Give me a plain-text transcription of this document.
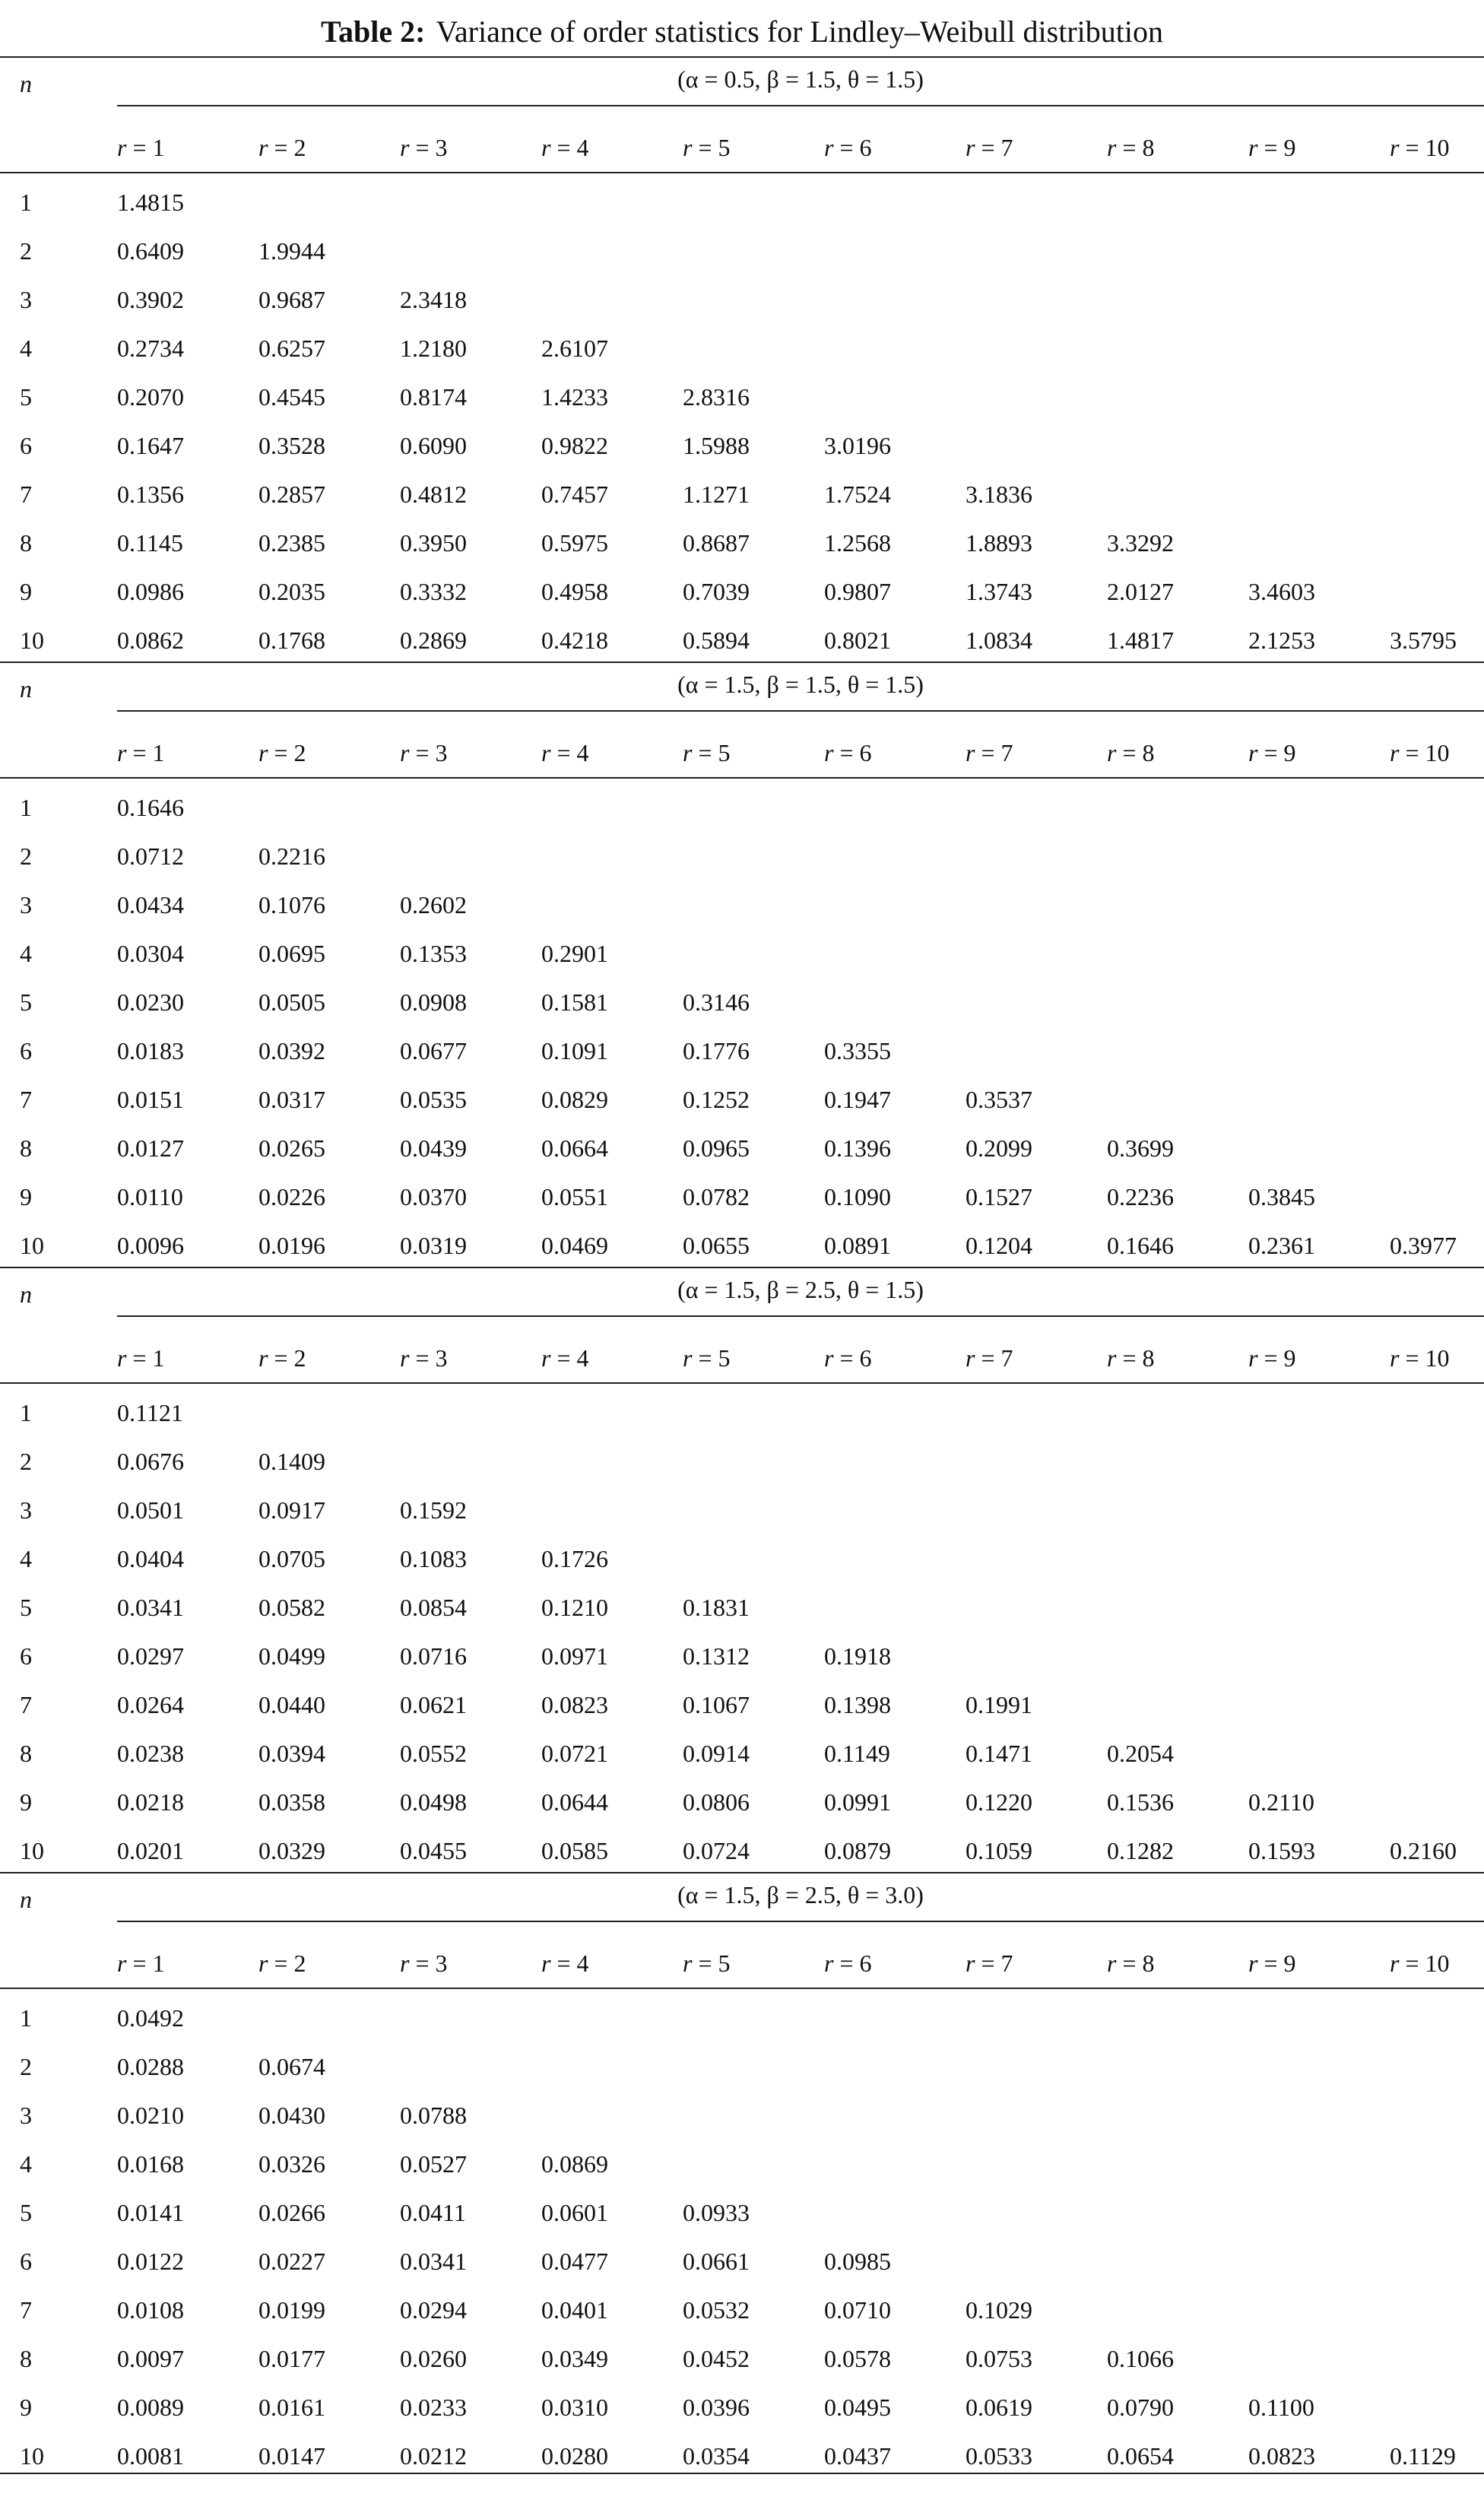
Table 2: Variance of order statistics for Lindley–Weibull distribution
n	(α = 0.5, β = 1.5, θ = 1.5)
r = 1	r = 2	r = 3	r = 4	r = 5	r = 6	r = 7	r = 8	r = 9	r = 10
1	1.4815
2	0.6409	1.9944
3	0.3902	0.9687	2.3418
4	0.2734	0.6257	1.2180	2.6107
5	0.2070	0.4545	0.8174	1.4233	2.8316
6	0.1647	0.3528	0.6090	0.9822	1.5988	3.0196
7	0.1356	0.2857	0.4812	0.7457	1.1271	1.7524	3.1836
8	0.1145	0.2385	0.3950	0.5975	0.8687	1.2568	1.8893	3.3292
9	0.0986	0.2035	0.3332	0.4958	0.7039	0.9807	1.3743	2.0127	3.4603
10	0.0862	0.1768	0.2869	0.4218	0.5894	0.8021	1.0834	1.4817	2.1253	3.5795
n	(α = 1.5, β = 1.5, θ = 1.5)
r = 1	r = 2	r = 3	r = 4	r = 5	r = 6	r = 7	r = 8	r = 9	r = 10
1	0.1646
2	0.0712	0.2216
3	0.0434	0.1076	0.2602
4	0.0304	0.0695	0.1353	0.2901
5	0.0230	0.0505	0.0908	0.1581	0.3146
6	0.0183	0.0392	0.0677	0.1091	0.1776	0.3355
7	0.0151	0.0317	0.0535	0.0829	0.1252	0.1947	0.3537
8	0.0127	0.0265	0.0439	0.0664	0.0965	0.1396	0.2099	0.3699
9	0.0110	0.0226	0.0370	0.0551	0.0782	0.1090	0.1527	0.2236	0.3845
10	0.0096	0.0196	0.0319	0.0469	0.0655	0.0891	0.1204	0.1646	0.2361	0.3977
n	(α = 1.5, β = 2.5, θ = 1.5)
r = 1	r = 2	r = 3	r = 4	r = 5	r = 6	r = 7	r = 8	r = 9	r = 10
1	0.1121
2	0.0676	0.1409
3	0.0501	0.0917	0.1592
4	0.0404	0.0705	0.1083	0.1726
5	0.0341	0.0582	0.0854	0.1210	0.1831
6	0.0297	0.0499	0.0716	0.0971	0.1312	0.1918
7	0.0264	0.0440	0.0621	0.0823	0.1067	0.1398	0.1991
8	0.0238	0.0394	0.0552	0.0721	0.0914	0.1149	0.1471	0.2054
9	0.0218	0.0358	0.0498	0.0644	0.0806	0.0991	0.1220	0.1536	0.2110
10	0.0201	0.0329	0.0455	0.0585	0.0724	0.0879	0.1059	0.1282	0.1593	0.2160
n	(α = 1.5, β = 2.5, θ = 3.0)
r = 1	r = 2	r = 3	r = 4	r = 5	r = 6	r = 7	r = 8	r = 9	r = 10
1	0.0492
2	0.0288	0.0674
3	0.0210	0.0430	0.0788
4	0.0168	0.0326	0.0527	0.0869
5	0.0141	0.0266	0.0411	0.0601	0.0933
6	0.0122	0.0227	0.0341	0.0477	0.0661	0.0985
7	0.0108	0.0199	0.0294	0.0401	0.0532	0.0710	0.1029
8	0.0097	0.0177	0.0260	0.0349	0.0452	0.0578	0.0753	0.1066
9	0.0089	0.0161	0.0233	0.0310	0.0396	0.0495	0.0619	0.0790	0.1100
10	0.0081	0.0147	0.0212	0.0280	0.0354	0.0437	0.0533	0.0654	0.0823	0.1129
